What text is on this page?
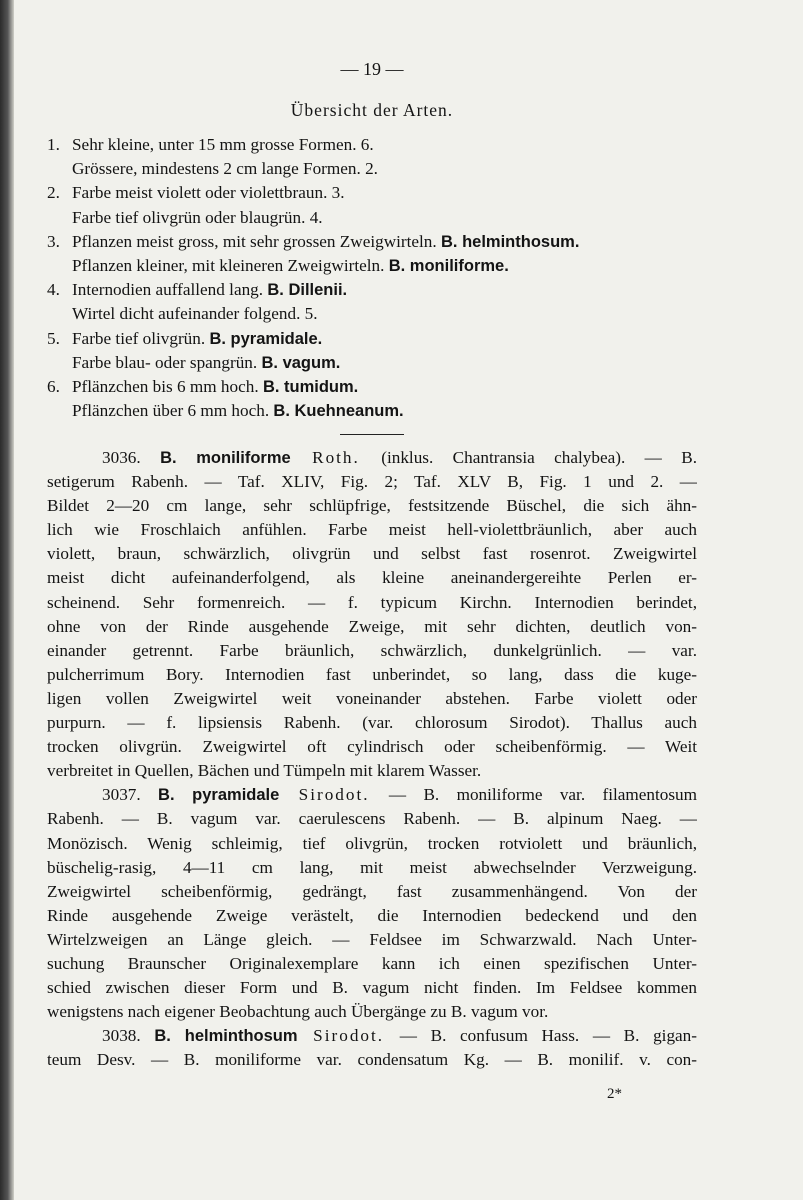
— 19 —
Übersicht der Arten.
1. Sehr kleine, unter 15 mm grosse Formen. 6.
Grössere, mindestens 2 cm lange Formen. 2.
2. Farbe meist violett oder violettbraun. 3.
Farbe tief olivgrün oder blaugrün. 4.
3. Pflanzen meist gross, mit sehr grossen Zweigwirteln. B. helminthosum.
Pflanzen kleiner, mit kleineren Zweigwirteln. B. moniliforme.
4. Internodien auffallend lang. B. Dillenii.
Wirtel dicht aufeinander folgend. 5.
5. Farbe tief olivgrün. B. pyramidale.
Farbe blau- oder spangrün. B. vagum.
6. Pflänzchen bis 6 mm hoch. B. tumidum.
Pflänzchen über 6 mm hoch. B. Kuehneanum.
3036. B. moniliforme Roth. (inklus. Chantransia chalybea). — B.
setigerum Rabenh. — Taf. XLIV, Fig. 2; Taf. XLV B, Fig. 1 und 2. —
Bildet 2—20 cm lange, sehr schlüpfrige, festsitzende Büschel, die sich ähn-
lich wie Froschlaich anfühlen. Farbe meist hell-violettbräunlich, aber auch
violett, braun, schwärzlich, olivgrün und selbst fast rosenrot. Zweigwirtel
meist dicht aufeinanderfolgend, als kleine aneinandergereihte Perlen er-
scheinend. Sehr formenreich. — f. typicum Kirchn. Internodien berindet,
ohne von der Rinde ausgehende Zweige, mit sehr dichten, deutlich von-
einander getrennt. Farbe bräunlich, schwärzlich, dunkelgrünlich. — var.
pulcherrimum Bory. Internodien fast unberindet, so lang, dass die kuge-
ligen vollen Zweigwirtel weit voneinander abstehen. Farbe violett oder
purpurn. — f. lipsiensis Rabenh. (var. chlorosum Sirodot). Thallus auch
trocken olivgrün. Zweigwirtel oft cylindrisch oder scheibenförmig. — Weit
verbreitet in Quellen, Bächen und Tümpeln mit klarem Wasser.
3037. B. pyramidale Sirodot. — B. moniliforme var. filamentosum
Rabenh. — B. vagum var. caerulescens Rabenh. — B. alpinum Naeg. —
Monözisch. Wenig schleimig, tief olivgrün, trocken rotviolett und bräunlich,
büschelig-rasig, 4—11 cm lang, mit meist abwechselnder Verzweigung.
Zweigwirtel scheibenförmig, gedrängt, fast zusammenhängend. Von der
Rinde ausgehende Zweige verästelt, die Internodien bedeckend und den
Wirtelzweigen an Länge gleich. — Feldsee im Schwarzwald. Nach Unter-
suchung Braunscher Originalexemplare kann ich einen spezifischen Unter-
schied zwischen dieser Form und B. vagum nicht finden. Im Feldsee kommen
wenigstens nach eigener Beobachtung auch Übergänge zu B. vagum vor.
3038. B. helminthosum Sirodot. — B. confusum Hass. — B. gigan-
teum Desv. — B. moniliforme var. condensatum Kg. — B. monilif. v. con-
2*
